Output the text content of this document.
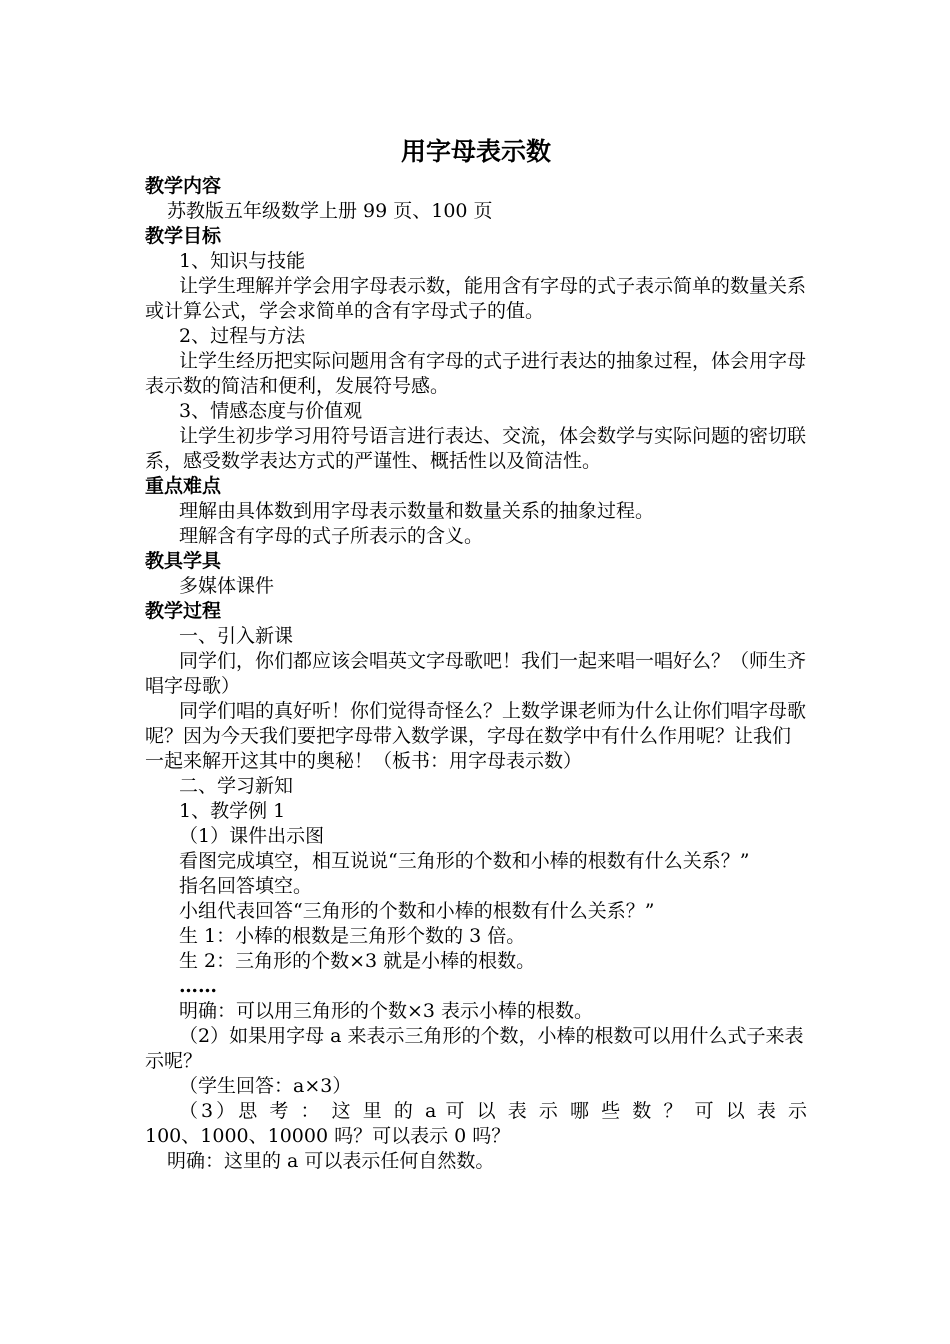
用字母表示数

教学内容

苏教版五年级数学上册 99 页、100 页

教学目标

1、知识与技能

让学生理解并学会用字母表示数，能用含有字母的式子表示简单的数量关系或计算公式，学会求简单的含有字母式子的值。

2、过程与方法

让学生经历把实际问题用含有字母的式子进行表达的抽象过程，体会用字母表示数的简洁和便利，发展符号感。

3、情感态度与价值观

让学生初步学习用符号语言进行表达、交流，体会数学与实际问题的密切联系，感受数学表达方式的严谨性、概括性以及简洁性。

重点难点

理解由具体数到用字母表示数量和数量关系的抽象过程。

理解含有字母的式子所表示的含义。

教具学具

多媒体课件

教学过程

一、引入新课

同学们，你们都应该会唱英文字母歌吧！我们一起来唱一唱好么？（师生齐唱字母歌）

同学们唱的真好听！你们觉得奇怪么？上数学课老师为什么让你们唱字母歌呢？因为今天我们要把字母带入数学课，字母在数学中有什么作用呢？让我们一起来解开这其中的奥秘！（板书：用字母表示数）

二、学习新知

1、教学例 1

（1）课件出示图

看图完成填空，相互说说“三角形的个数和小棒的根数有什么关系？”

指名回答填空。

小组代表回答“三角形的个数和小棒的根数有什么关系？”

生 1：小棒的根数是三角形个数的 3 倍。

生 2：三角形的个数×3 就是小棒的根数。

……

明确：可以用三角形的个数×3 表示小棒的根数。

（2）如果用字母 a 来表示三角形的个数，小棒的根数可以用什么式子来表示呢？

（学生回答：a×3）

（3）思 考 ： 这 里 的 a 可 以 表 示 哪 些 数 ？ 可 以 表 示

100、1000、10000 吗？可以表示 0 吗？

明确：这里的 a 可以表示任何自然数。
